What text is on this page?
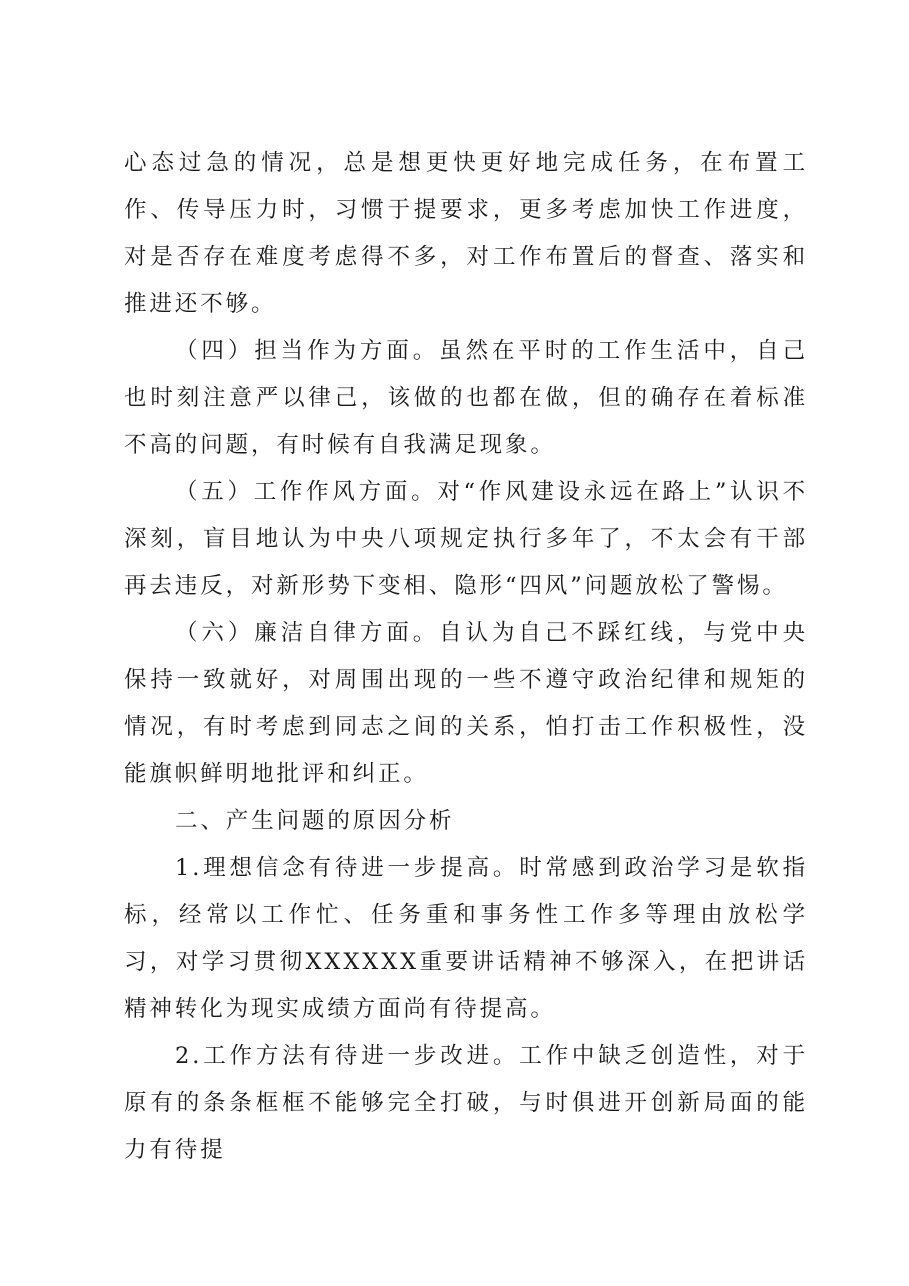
心态过急的情况，总是想更快更好地完成任务，在布置工作、传导压力时，习惯于提要求，更多考虑加快工作进度，对是否存在难度考虑得不多，对工作布置后的督查、落实和推进还不够。

（四）担当作为方面。虽然在平时的工作生活中，自己也时刻注意严以律己，该做的也都在做，但的确存在着标准不高的问题，有时候有自我满足现象。

（五）工作作风方面。对“作风建设永远在路上”认识不深刻，盲目地认为中央八项规定执行多年了，不太会有干部再去违反，对新形势下变相、隐形“四风”问题放松了警惕。

（六）廉洁自律方面。自认为自己不踩红线，与党中央保持一致就好，对周围出现的一些不遵守政治纪律和规矩的情况，有时考虑到同志之间的关系，怕打击工作积极性，没能旗帜鲜明地批评和纠正。

二、产生问题的原因分析

1.理想信念有待进一步提高。时常感到政治学习是软指标，经常以工作忙、任务重和事务性工作多等理由放松学习，对学习贯彻XXXXXX重要讲话精神不够深入，在把讲话精神转化为现实成绩方面尚有待提高。

2.工作方法有待进一步改进。工作中缺乏创造性，对于原有的条条框框不能够完全打破，与时俱进开创新局面的能力有待提
